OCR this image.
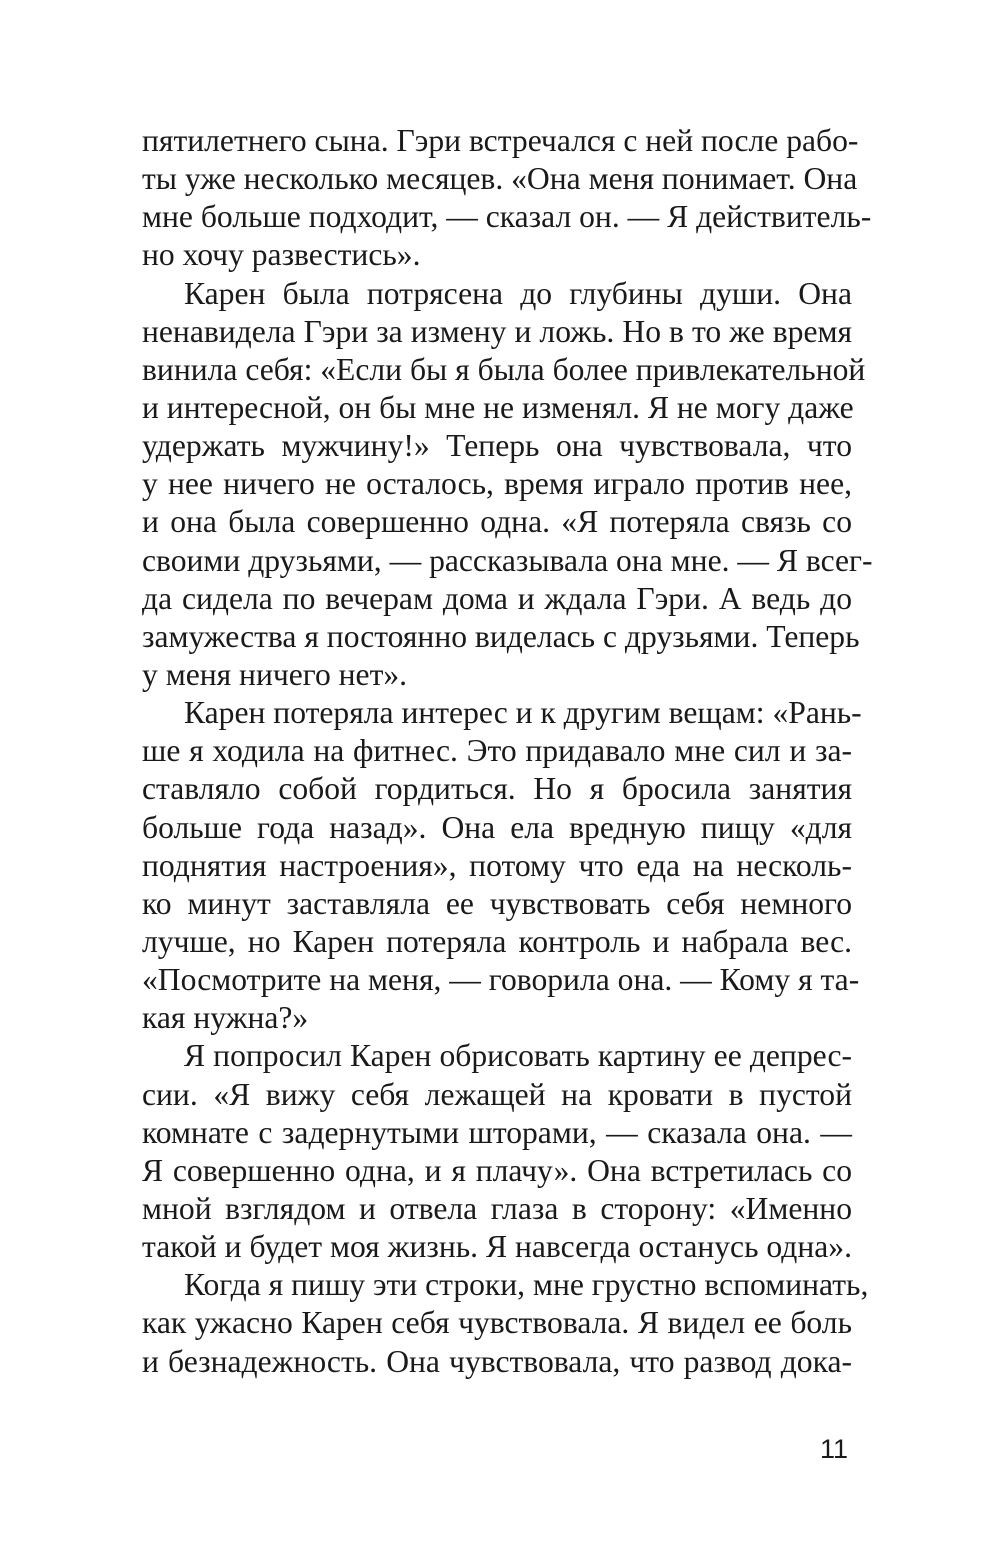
пятилетнего сына. Гэри встречался с ней после рабо-
ты уже несколько месяцев. «Она меня понимает. Она
мне больше подходит, — сказал он. — Я действитель-
но хочу развестись».
Карен была потрясена до глубины души. Она
ненавидела Гэри за измену и ложь. Но в то же время
винила себя: «Если бы я была более привлекательной
и интересной, он бы мне не изменял. Я не могу даже
удержать мужчину!» Теперь она чувствовала, что
у нее ничего не осталось, время играло против нее,
и она была совершенно одна. «Я потеряла связь со
своими друзьями, — рассказывала она мне. — Я всег-
да сидела по вечерам дома и ждала Гэри. А ведь до
замужества я постоянно виделась с друзьями. Теперь
у меня ничего нет».
Карен потеряла интерес и к другим вещам: «Рань-
ше я ходила на фитнес. Это придавало мне сил и за-
ставляло собой гордиться. Но я бросила занятия
больше года назад». Она ела вредную пищу «для
поднятия настроения», потому что еда на несколь-
ко минут заставляла ее чувствовать себя немного
лучше, но Карен потеряла контроль и набрала вес.
«Посмотрите на меня, — говорила она. — Кому я та-
кая нужна?»
Я попросил Карен обрисовать картину ее депрес-
сии. «Я вижу себя лежащей на кровати в пустой
комнате с задернутыми шторами, — сказала она. —
Я совершенно одна, и я плачу». Она встретилась со
мной взглядом и отвела глаза в сторону: «Именно
такой и будет моя жизнь. Я навсегда останусь одна».
Когда я пишу эти строки, мне грустно вспоминать,
как ужасно Карен себя чувствовала. Я видел ее боль
и безнадежность. Она чувствовала, что развод дока-
11
